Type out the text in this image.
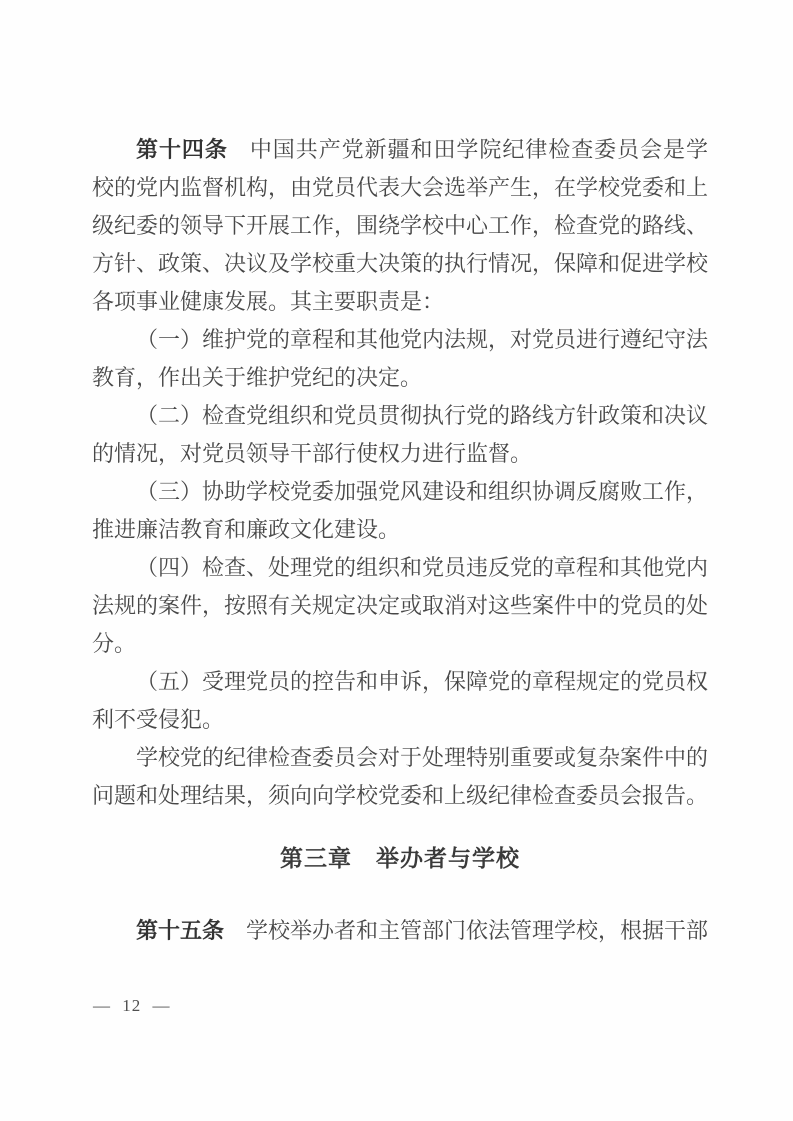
第十四条 中国共产党新疆和田学院纪律检查委员会是学
校的党内监督机构，由党员代表大会选举产生，在学校党委和上
级纪委的领导下开展工作，围绕学校中心工作，检查党的路线、
方针、政策、决议及学校重大决策的执行情况，保障和促进学校
各项事业健康发展。其主要职责是：

（一）维护党的章程和其他党内法规，对党员进行遵纪守法
教育，作出关于维护党纪的决定。

（二）检查党组织和党员贯彻执行党的路线方针政策和决议
的情况，对党员领导干部行使权力进行监督。

（三）协助学校党委加强党风建设和组织协调反腐败工作，
推进廉洁教育和廉政文化建设。

（四）检查、处理党的组织和党员违反党的章程和其他党内
法规的案件，按照有关规定决定或取消对这些案件中的党员的处
分。

（五）受理党员的控告和申诉，保障党的章程规定的党员权
利不受侵犯。

学校党的纪律检查委员会对于处理特别重要或复杂案件中的
问题和处理结果，须向向学校党委和上级纪律检查委员会报告。

第三章　举办者与学校

第十五条 学校举办者和主管部门依法管理学校，根据干部

— 12 —
